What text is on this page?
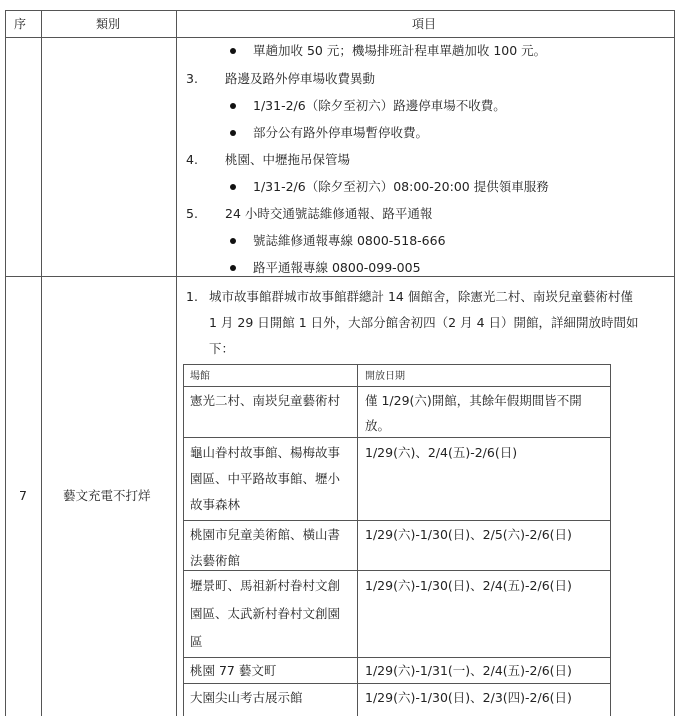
序	類別	項目
單趟加收 50 元；機場排班計程車單趟加收 100 元。
3. 路邊及路外停車場收費異動
1/31-2/6（除夕至初六）路邊停車場不收費。
部分公有路外停車場暫停收費。
4. 桃園、中壢拖吊保管場
1/31-2/6（除夕至初六）08:00-20:00 提供領車服務
5. 24 小時交通號誌維修通報、路平通報
號誌維修通報專線 0800-518-666
路平通報專線 0800-099-005
7	藝文充電不打烊
1. 城市故事館群城市故事館群總計 14 個館舍，除憲光二村、南崁兒童藝術村僅
1 月 29 日開館 1 日外，大部分館舍初四（2 月 4 日）開館，詳細開放時間如
下：
場館	開放日期
憲光二村、南崁兒童藝術村 僅 1/29(六)開館，其餘年假期間皆不開
放。
龜山眷村故事館、楊梅故事
園區、中平路故事館、壢小
故事森林
1/29(六)、2/4(五)-2/6(日)
桃園市兒童美術館、橫山書
法藝術館
1/29(六)-1/30(日)、2/5(六)-2/6(日)
壢景町、馬祖新村眷村文創
園區、太武新村眷村文創園
區
1/29(六)-1/30(日)、2/4(五)-2/6(日)
桃園 77 藝文町	1/29(六)-1/31(一)、2/4(五)-2/6(日)
大園尖山考古展示館	1/29(六)-1/30(日)、2/3(四)-2/6(日)
